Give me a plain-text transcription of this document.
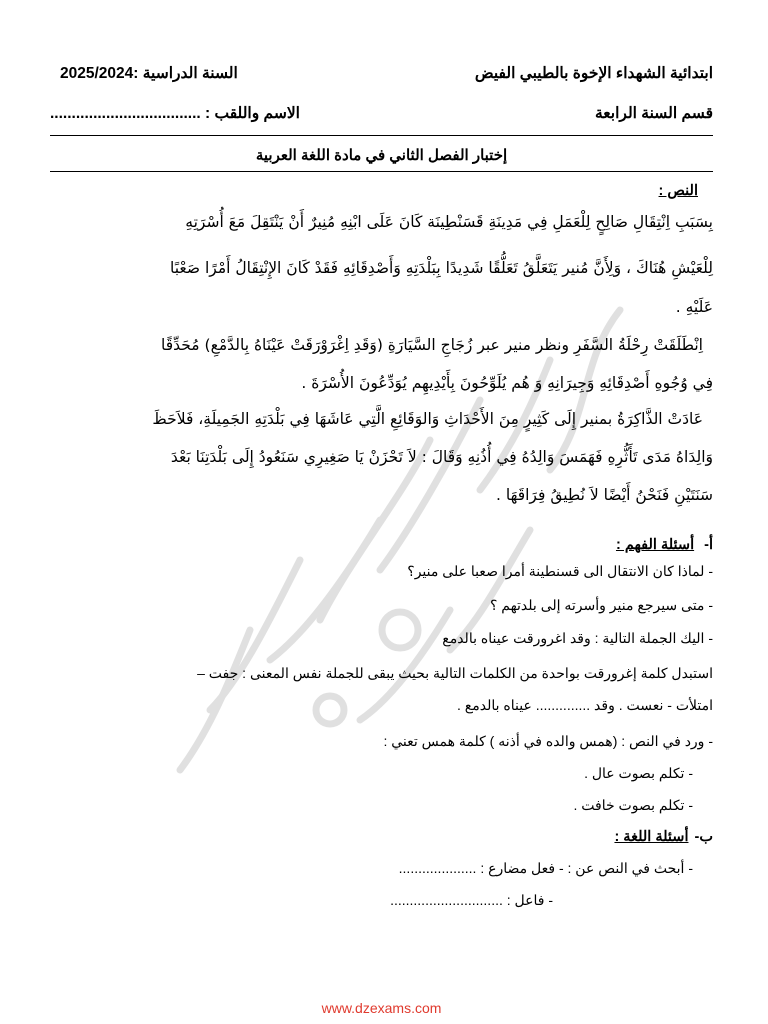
ابتدائية الشهداء الإخوة بالطيبي الفيض
السنة الدراسية :2025/2024
قسم السنة الرابعة
الاسم واللقب : ...................................
إختبار الفصل الثاني في مادة اللغة العربية
النص :
بِسَبَبِ اِنْتِقَالِ صَالِحٍ لِلْعَمَلِ فِي مَدِينَةِ قَسَنْطِينَة كَانَ عَلَى ابْنِهِ مُنِيرٌ أَنْ يَنْتَقِلَ مَعَ أُسْرَتِهِ
لِلْعَيْشِ هُنَاكَ ، وَلِأَنَّ مُنير يَتَعَلَّقُ تَعَلُّقًا شَدِيدًا بِبَلْدَتِهِ وَأَصْدِقَائِهِ فَقَدْ كَانَ الإِنْتِقَالُ أَمْرًا صَعْبًا
عَلَيْهِ .
اِنْطَلَقَتْ رِحْلَةُ السَّفَرِ ونظر منير عبر زُجَاجِ السَّيَارَةِ (وَقَدِ اِغْرَوْرَقَتْ عَيْنَاهُ بِالدَّمْعِ) مُحَدِّقًا
فِي وُجُوهِ أَصْدِقَائِهِ وَجِيرَانِهِ وَ هُم يُلَوِّحُونَ بِأَيْدِيهِم يُوَدِّعُونَ الأُسْرَةَ .
عَادَتْ الذَّاكِرَةُ بمنير إِلَى كَثِيرٍ مِنَ الأَحْدَاثِ وَالوَقَائِعِ الَّتِي عَاشَهَا فِي بَلْدَتِهِ الجَمِيلَةِ، فَلاَحَظَ
وَالِدَاهُ مَدَى تَأَثُّرِهِ فَهَمَسَ وَالِدُهُ فِي أُذُنِهِ وَقَالَ : لاَ تَحْزَنْ يَا صَغِيرِي سَنَعُودُ إِلَى بَلْدَتِنَا بَعْدَ
سَنَتَيْنِ فَنَحْنُ أَيْضًا لاَ نُطِيقُ فِرَاقَهَا .
أ- أسئلة الفهم :
- لماذا كان الانتقال الى قسنطينة أمرا صعبا على منير؟
- متى سيرجع منير وأسرته إلى بلدتهم ؟
- اليك الجملة التالية : وقد اغرورقت عيناه بالدمع
استبدل كلمة إغرورقت بواحدة من الكلمات التالية بحيث يبقى للجملة نفس المعنى : جفت –
امتلأت - نعست . وقد .............. عيناه بالدمع .
- ورد في النص : (همس والده في أذنه ) كلمة همس تعني :
- تكلم بصوت عال .
- تكلم بصوت خافت .
ب- أسئلة اللغة :
- أبحث في النص عن : - فعل مضارع : ....................
- فاعل : .............................
www.dzexams.com
